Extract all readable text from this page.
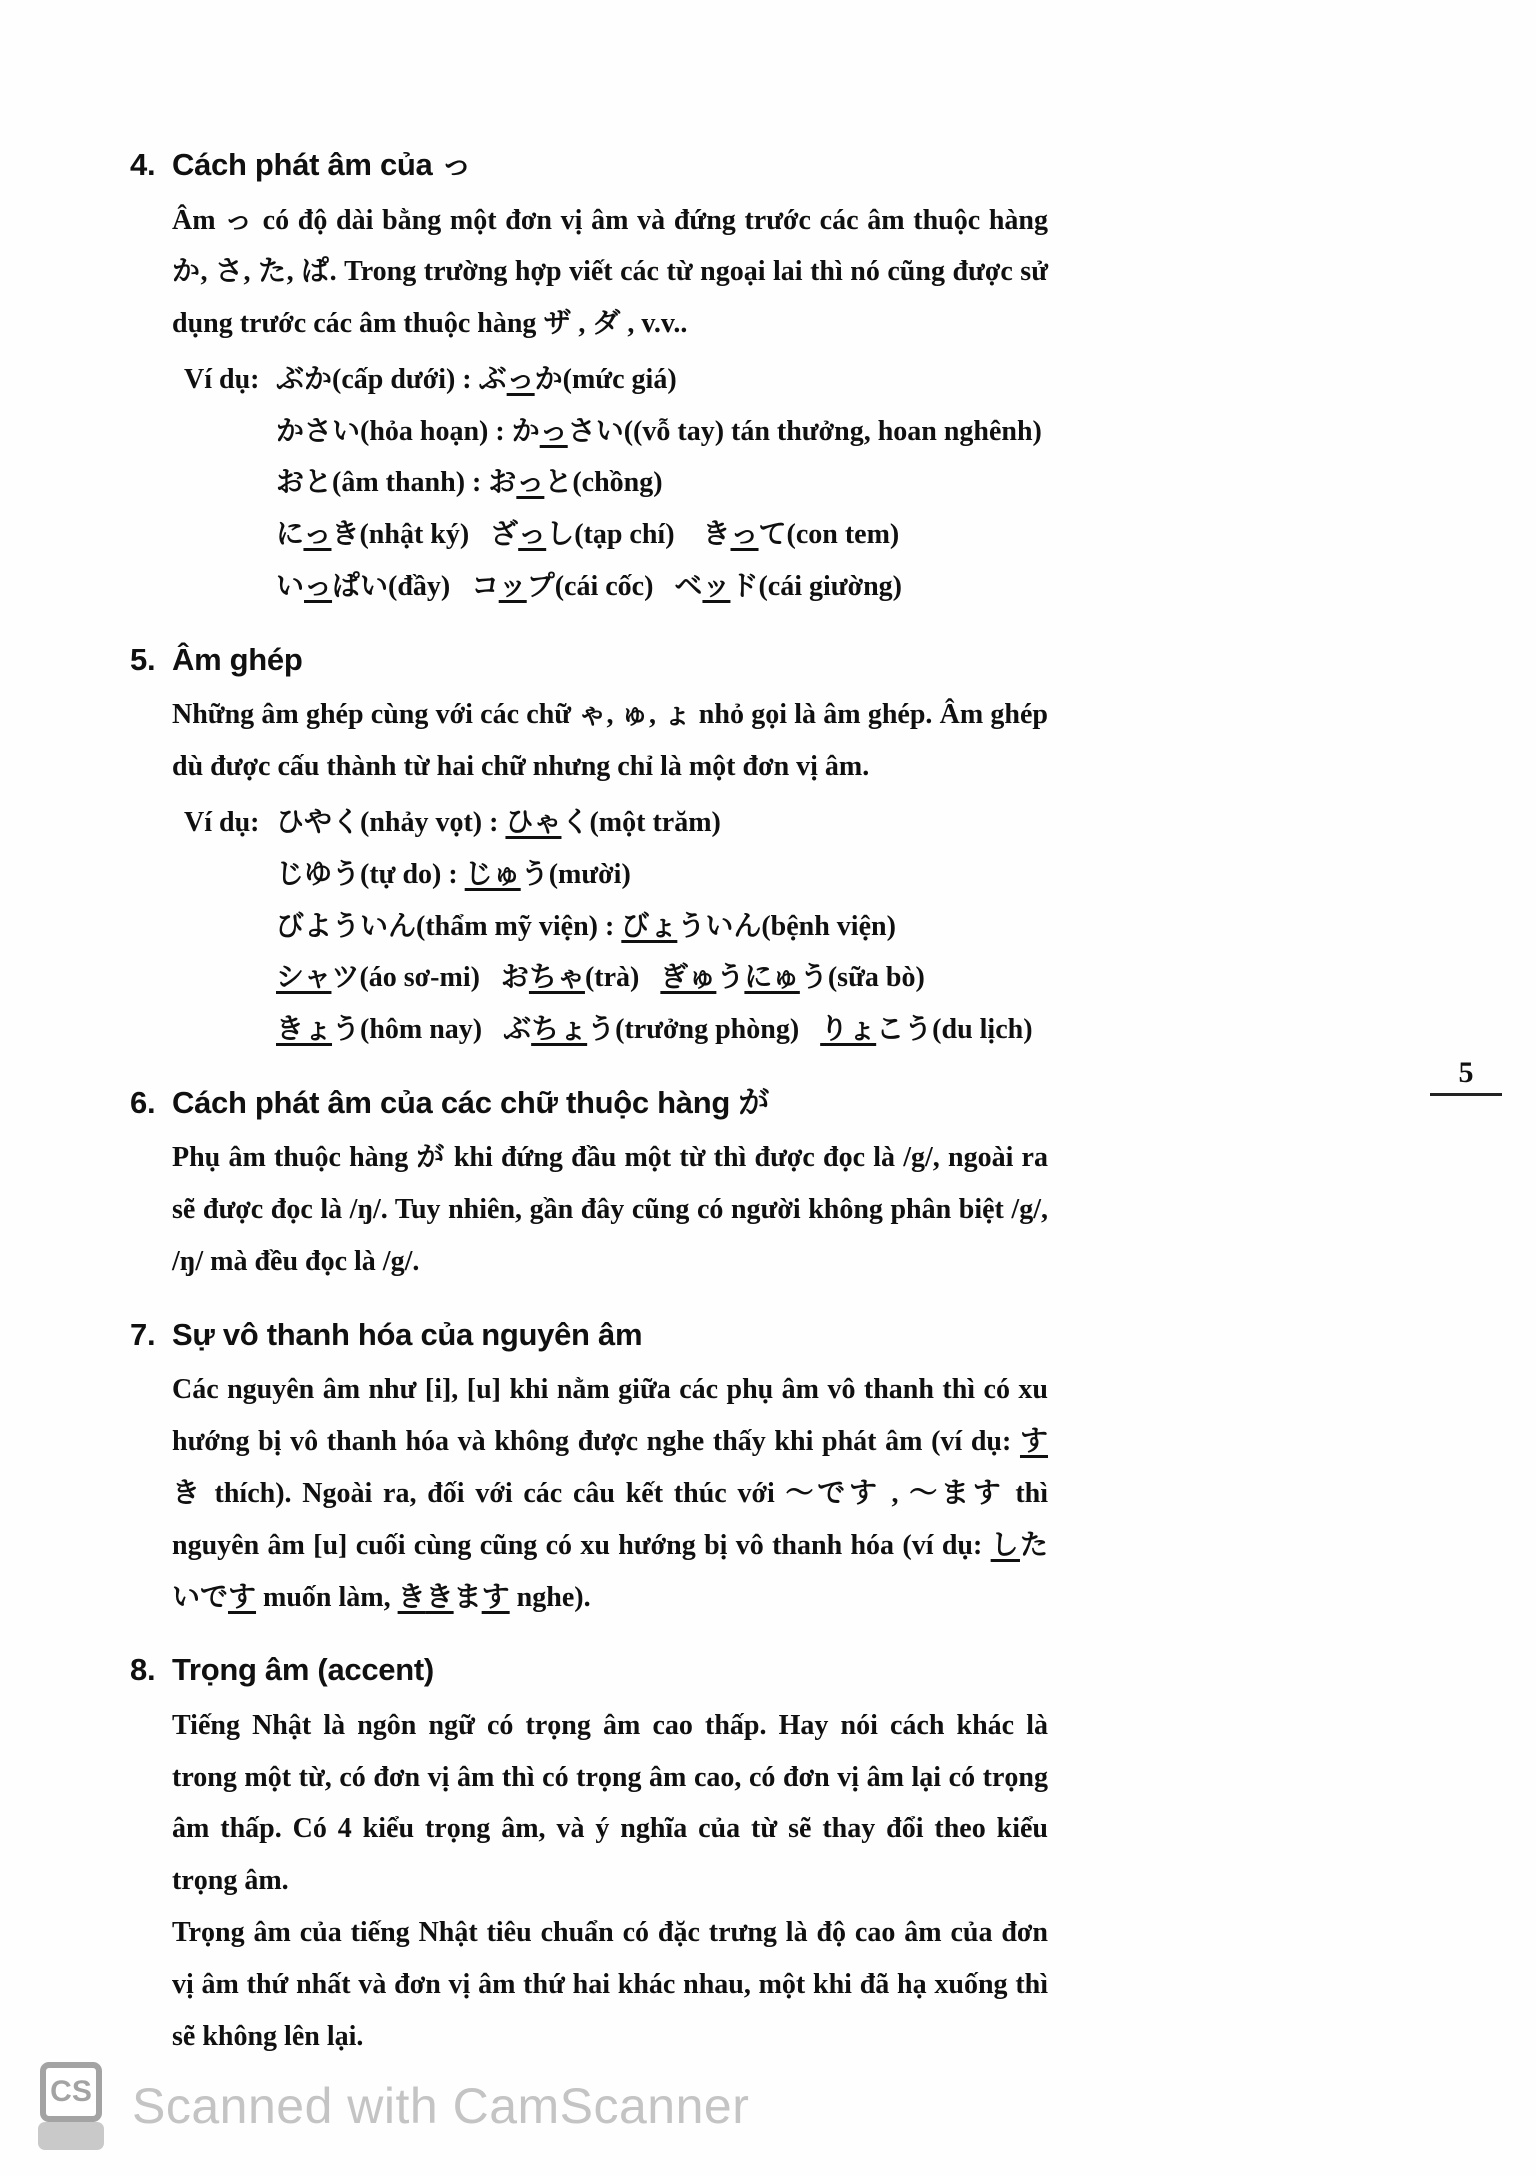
4. Cách phát âm của っ
Âm っ có độ dài bằng một đơn vị âm và đứng trước các âm thuộc hàng か, さ, た, ぱ. Trong trường hợp viết các từ ngoại lai thì nó cũng được sử dụng trước các âm thuộc hàng ザ , ダ , v.v..
Ví dụ: ぶか(cấp dưới) : ぶっか(mức giá)
かさい(hỏa hoạn) : かっさい((vỗ tay) tán thưởng, hoan nghênh)
おと(âm thanh) : おっと(chồng)
にっき(nhật ký)   ざっし(tạp chí)    きって(con tem)
いっぱい(đầy)   コップ(cái cốc)   ベッド(cái giường)
5. Âm ghép
Những âm ghép cùng với các chữ ゃ, ゅ, ょ nhỏ gọi là âm ghép. Âm ghép dù được cấu thành từ hai chữ nhưng chỉ là một đơn vị âm.
Ví dụ: ひやく(nhảy vọt) : ひゃく(một trăm)
じゆう(tự do) : じゅう(mười)
びよういん(thẩm mỹ viện) : びょういん(bệnh viện)
シャツ(áo sơ-mi)   おちゃ(trà)   ぎゅうにゅう(sữa bò)
きょう(hôm nay)   ぶちょう(trưởng phòng)   りょこう(du lịch)
6. Cách phát âm của các chữ thuộc hàng が
Phụ âm thuộc hàng が khi đứng đầu một từ thì được đọc là /g/, ngoài ra sẽ được đọc là /ŋ/. Tuy nhiên, gần đây cũng có người không phân biệt /g/, /ŋ/ mà đều đọc là /g/.
7. Sự vô thanh hóa của nguyên âm
Các nguyên âm như [i], [u] khi nằm giữa các phụ âm vô thanh thì có xu hướng bị vô thanh hóa và không được nghe thấy khi phát âm (ví dụ: すき thích). Ngoài ra, đối với các câu kết thúc với ～です , ～ます thì nguyên âm [u] cuối cùng cũng có xu hướng bị vô thanh hóa (ví dụ: したいです muốn làm, ききます nghe).
8. Trọng âm (accent)
Tiếng Nhật là ngôn ngữ có trọng âm cao thấp. Hay nói cách khác là trong một từ, có đơn vị âm thì có trọng âm cao, có đơn vị âm lại có trọng âm thấp. Có 4 kiểu trọng âm, và ý nghĩa của từ sẽ thay đổi theo kiểu trọng âm.
Trọng âm của tiếng Nhật tiêu chuẩn có đặc trưng là độ cao âm của đơn vị âm thứ nhất và đơn vị âm thứ hai khác nhau, một khi đã hạ xuống thì sẽ không lên lại.
5
CS Scanned with CamScanner
